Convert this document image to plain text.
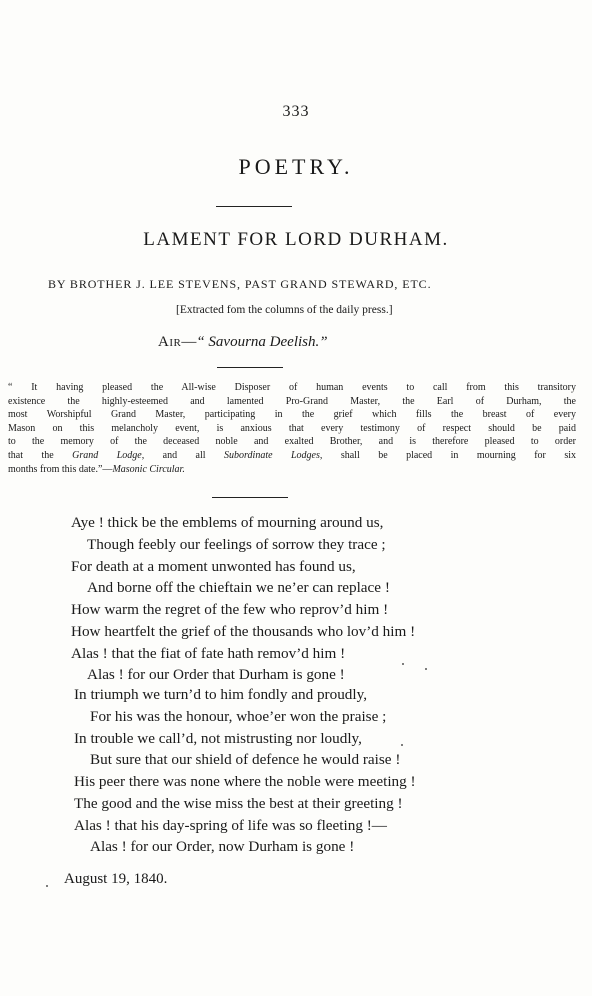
333
POETRY.
LAMENT FOR LORD DURHAM.
BY BROTHER J. LEE STEVENS, PAST GRAND STEWARD, ETC.
[Extracted fom the columns of the daily press.]
Air—“ Savourna Deelish.”
“ It having pleased the All-wise Disposer of human events to call from this transitory
existence the highly-esteemed and lamented Pro-Grand Master, the Earl of Durham, the
most Worshipful Grand Master, participating in the grief which fills the breast of every
Mason on this melancholy event, is anxious that every testimony of respect should be paid
to the memory of the deceased noble and exalted Brother, and is therefore pleased to order
that the Grand Lodge, and all Subordinate Lodges, shall be placed in mourning for six
months from this date.”—Masonic Circular.
Aye ! thick be the emblems of mourning around us,
Though feebly our feelings of sorrow they trace ;
For death at a moment unwonted has found us,
And borne off the chieftain we ne’er can replace !
How warm the regret of the few who reprov’d him !
How heartfelt the grief of the thousands who lov’d him !
Alas ! that the fiat of fate hath remov’d him !
Alas ! for our Order that Durham is gone !
In triumph we turn’d to him fondly and proudly,
For his was the honour, whoe’er won the praise ;
In trouble we call’d, not mistrusting nor loudly,
But sure that our shield of defence he would raise !
His peer there was none where the noble were meeting !
The good and the wise miss the best at their greeting !
Alas ! that his day-spring of life was so fleeting !—
Alas ! for our Order, now Durham is gone !
August 19, 1840.
